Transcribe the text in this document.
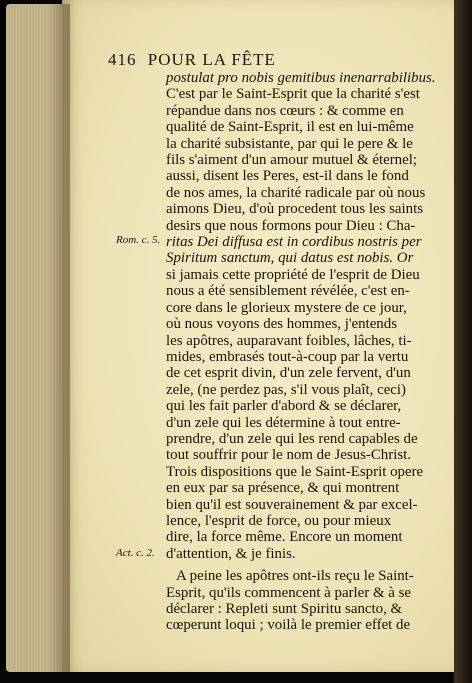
416 POUR LA FÊTE
Rom. c. 5.
Act. c. 2.

postulat pro nobis gemitibus inenarrabilibus.
C'est par le Saint-Esprit que la charité s'est
répandue dans nos cœurs : & comme en
qualité de Saint-Esprit, il est en lui-même
la charité subsistante, par qui le pere & le
fils s'aiment d'un amour mutuel & éternel;
aussi, disent les Peres, est-il dans le fond
de nos ames, la charité radicale par où nous
aimons Dieu, d'où procedent tous les saints
desirs que nous formons pour Dieu : Cha-
ritas Dei diffusa est in cordibus nostris per
Spiritum sanctum, qui datus est nobis. Or
si jamais cette propriété de l'esprit de Dieu
nous a été sensiblement révélée, c'est en-
core dans le glorieux mystere de ce jour,
où nous voyons des hommes, j'entends
les apôtres, auparavant foibles, lâches, ti-
mides, embrasés tout-à-coup par la vertu
de cet esprit divin, d'un zele fervent, d'un
zele, (ne perdez pas, s'il vous plaît, ceci)
qui les fait parler d'abord & se déclarer,
d'un zele qui les détermine à tout entre-
prendre, d'un zele qui les rend capables de
tout souffrir pour le nom de Jesus-Christ.
Trois dispositions que le Saint-Esprit opere
en eux par sa présence, & qui montrent
bien qu'il est souverainement & par excel-
lence, l'esprit de force, ou pour mieux
dire, la force même. Encore un moment
d'attention, & je finis.

A peine les apôtres ont-ils reçu le Saint-
Esprit, qu'ils commencent à parler & à se
déclarer : Repleti sunt Spiritu sancto, &
cœperunt loqui ; voilà le premier effet de
